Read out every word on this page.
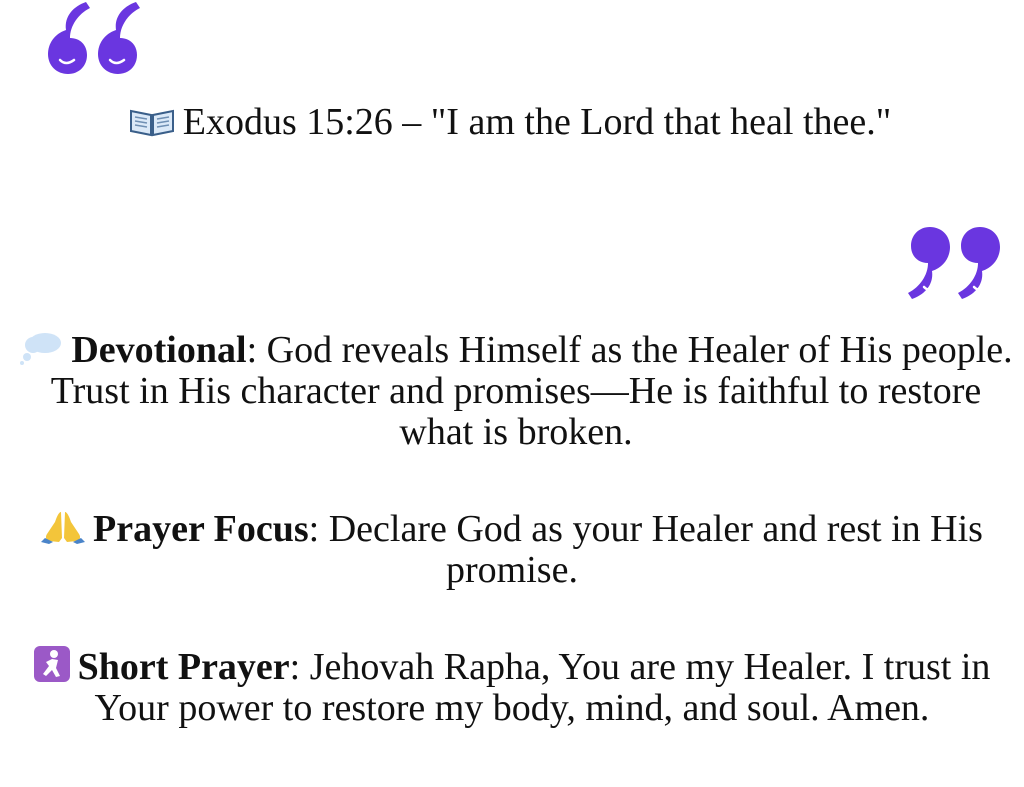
Exodus 15:26 – "I am the Lord that heal thee."

Devotional: God reveals Himself as the Healer of His people. Trust in His character and promises—He is faithful to restore what is broken.

Prayer Focus: Declare God as your Healer and rest in His promise.

Short Prayer: Jehovah Rapha, You are my Healer. I trust in Your power to restore my body, mind, and soul. Amen.
